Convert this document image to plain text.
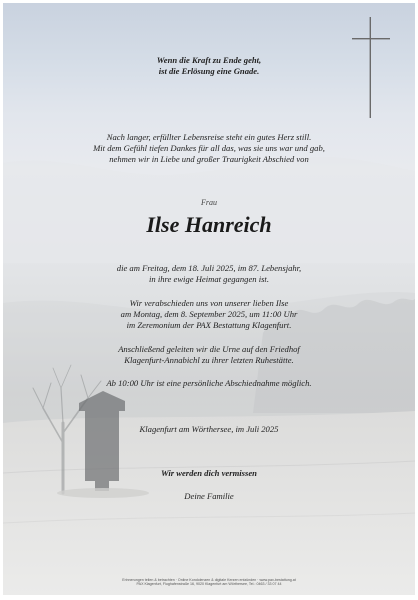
Wenn die Kraft zu Ende geht,

ist die Erlösung eine Gnade.

Nach langer, erfüllter Lebensreise steht ein gutes Herz still.

Mit dem Gefühl tiefen Dankes für all das, was sie uns war und gab,

nehmen wir in Liebe und großer Traurigkeit Abschied von

Frau

Ilse Hanreich

die am Freitag, dem 18. Juli 2025, im 87. Lebensjahr,

in ihre ewige Heimat gegangen ist.

Wir verabschieden uns von unserer lieben Ilse

am Montag, dem 8. September 2025, um 11:00 Uhr

im Zeremonium der PAX Bestattung Klagenfurt.

Anschließend geleiten wir die Urne auf den Friedhof

Klagenfurt-Annabichl zu ihrer letzten Ruhestätte.

Ab 10:00 Uhr ist eine persönliche Abschiednahme möglich.

Klagenfurt am Wörthersee, im Juli 2025

Wir werden dich vermissen

Deine Familie

Erinnerungen teilen & betrachten · Online Kondolenzen & digitale Kerzen entzünden · www.pax-bestattung.at
PAX Klagenfurt, Flughafenstraße 16, 9020 Klagenfurt am Wörthersee, Tel.: 0463 / 33 07 44
